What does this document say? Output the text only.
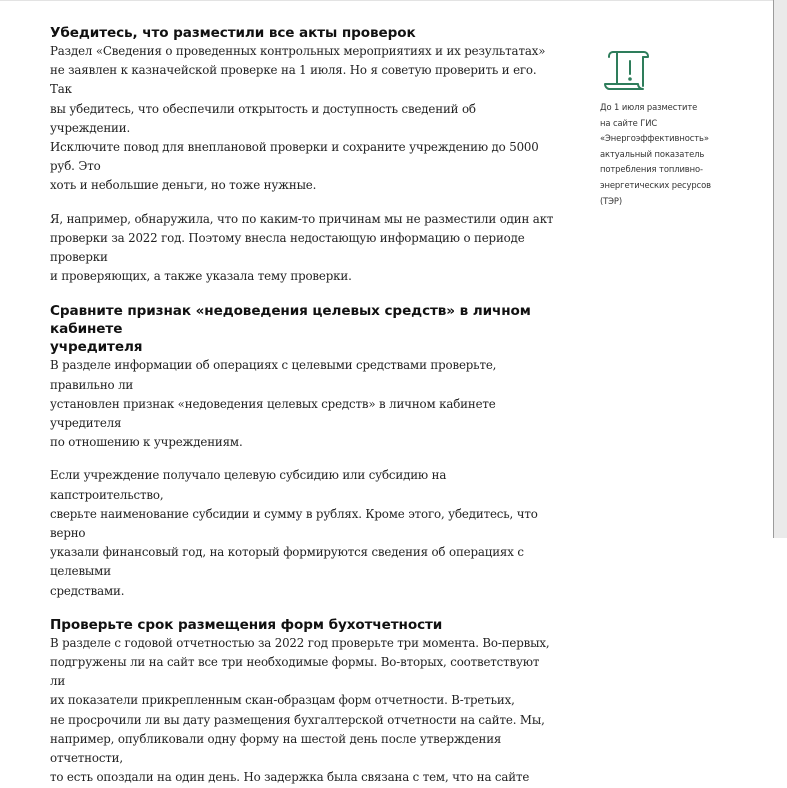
Убедитесь, что разместили все акты проверок

Раздел «Сведения о проведенных контрольных мероприятиях и их результатах»
не заявлен к казначейской проверке на 1 июля. Но я советую проверить и его. Так
вы убедитесь, что обеспечили открытость и доступность сведений об учреждении.
Исключите повод для внеплановой проверки и сохраните учреждению до 5000 руб. Это
хоть и небольшие деньги, но тоже нужные.

Я, например, обнаружила, что по каким-то причинам мы не разместили один акт
проверки за 2022 год. Поэтому внесла недостающую информацию о периоде проверки
и проверяющих, а также указала тему проверки.

Сравните признак «недоведения целевых средств» в личном кабинете
учредителя

В разделе информации об операциях с целевыми средствами проверьте, правильно ли
установлен признак «недоведения целевых средств» в личном кабинете учредителя
по отношению к учреждениям.

Если учреждение получало целевую субсидию или субсидию на капстроительство,
сверьте наименование субсидии и сумму в рублях. Кроме этого, убедитесь, что верно
указали финансовый год, на который формируются сведения об операциях с целевыми
средствами.

Проверьте срок размещения форм бухотчетности

В разделе с годовой отчетностью за 2022 год проверьте три момента. Во-первых,
подгружены ли на сайт все три необходимые формы. Во-вторых, соответствуют ли
их показатели прикрепленным скан-образцам форм отчетности. В-третьих,
не просрочили ли вы дату размещения бухгалтерской отчетности на сайте. Мы,
например, опубликовали одну форму на шестой день после утверждения отчетности,
то есть опоздали на один день. Но задержка была связана с тем, что на сайте

До 1 июля разместите
на сайте ГИС
«Энергоэффективность»
актуальный показатель
потребления топливно-
энергетических ресурсов
(ТЭР)
